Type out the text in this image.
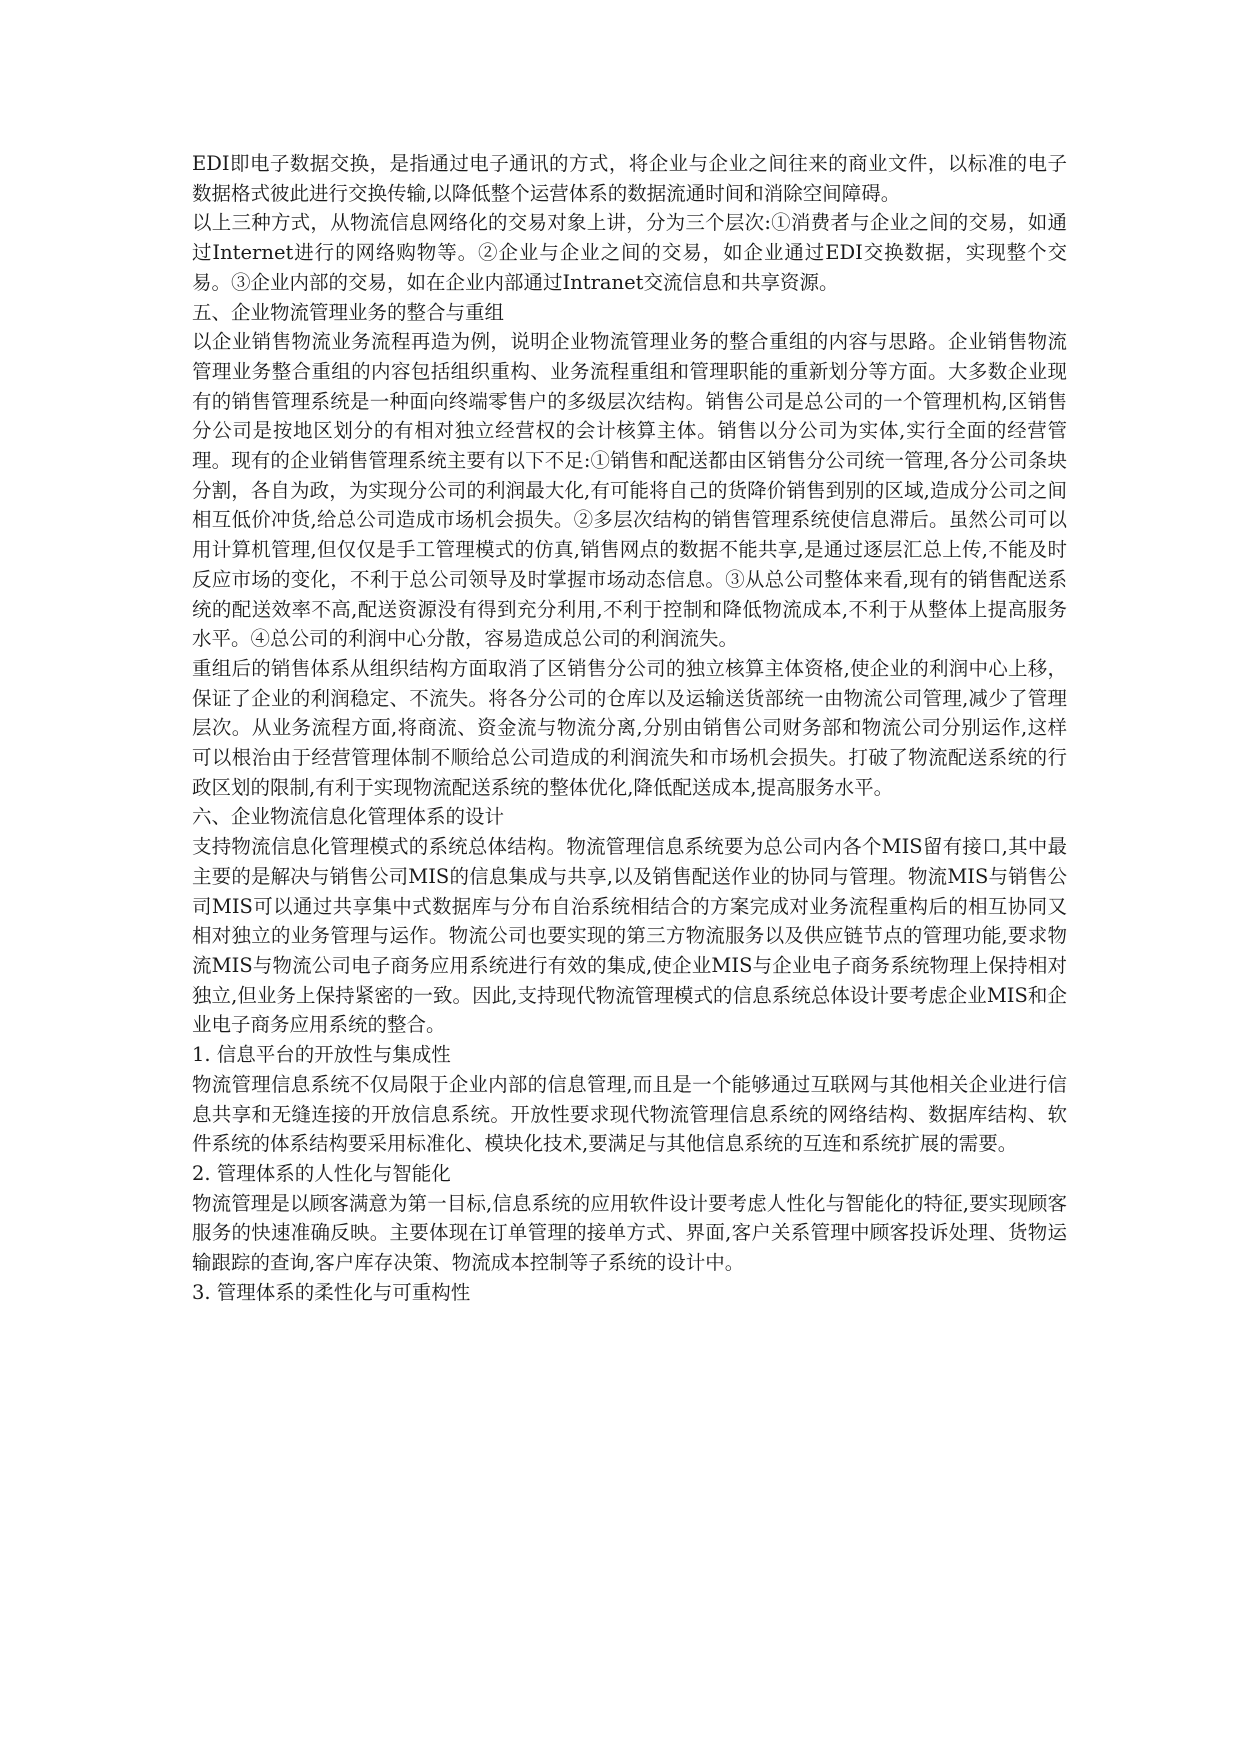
EDI即电子数据交换，是指通过电子通讯的方式，将企业与企业之间往来的商业文件，以标准的电子数据格式彼此进行交换传输,以降低整个运营体系的数据流通时间和消除空间障碍。

以上三种方式，从物流信息网络化的交易对象上讲，分为三个层次:①消费者与企业之间的交易，如通过Internet进行的网络购物等。②企业与企业之间的交易，如企业通过EDI交换数据，实现整个交易。③企业内部的交易，如在企业内部通过Intranet交流信息和共享资源。

五、企业物流管理业务的整合与重组

以企业销售物流业务流程再造为例，说明企业物流管理业务的整合重组的内容与思路。企业销售物流管理业务整合重组的内容包括组织重构、业务流程重组和管理职能的重新划分等方面。大多数企业现有的销售管理系统是一种面向终端零售户的多级层次结构。销售公司是总公司的一个管理机构,区销售分公司是按地区划分的有相对独立经营权的会计核算主体。销售以分公司为实体,实行全面的经营管理。现有的企业销售管理系统主要有以下不足:①销售和配送都由区销售分公司统一管理,各分公司条块分割，各自为政，为实现分公司的利润最大化,有可能将自己的货降价销售到别的区域,造成分公司之间相互低价冲货,给总公司造成市场机会损失。②多层次结构的销售管理系统使信息滞后。虽然公司可以用计算机管理,但仅仅是手工管理模式的仿真,销售网点的数据不能共享,是通过逐层汇总上传,不能及时反应市场的变化，不利于总公司领导及时掌握市场动态信息。③从总公司整体来看,现有的销售配送系统的配送效率不高,配送资源没有得到充分利用,不利于控制和降低物流成本,不利于从整体上提高服务水平。④总公司的利润中心分散，容易造成总公司的利润流失。

重组后的销售体系从组织结构方面取消了区销售分公司的独立核算主体资格,使企业的利润中心上移，保证了企业的利润稳定、不流失。将各分公司的仓库以及运输送货部统一由物流公司管理,减少了管理层次。从业务流程方面,将商流、资金流与物流分离,分别由销售公司财务部和物流公司分别运作,这样可以根治由于经营管理体制不顺给总公司造成的利润流失和市场机会损失。打破了物流配送系统的行政区划的限制,有利于实现物流配送系统的整体优化,降低配送成本,提高服务水平。

六、企业物流信息化管理体系的设计

支持物流信息化管理模式的系统总体结构。物流管理信息系统要为总公司内各个MIS留有接口,其中最主要的是解决与销售公司MIS的信息集成与共享,以及销售配送作业的协同与管理。物流MIS与销售公司MIS可以通过共享集中式数据库与分布自治系统相结合的方案完成对业务流程重构后的相互协同又相对独立的业务管理与运作。物流公司也要实现的第三方物流服务以及供应链节点的管理功能,要求物流MIS与物流公司电子商务应用系统进行有效的集成,使企业MIS与企业电子商务系统物理上保持相对独立,但业务上保持紧密的一致。因此,支持现代物流管理模式的信息系统总体设计要考虑企业MIS和企业电子商务应用系统的整合。

1. 信息平台的开放性与集成性

物流管理信息系统不仅局限于企业内部的信息管理,而且是一个能够通过互联网与其他相关企业进行信息共享和无缝连接的开放信息系统。开放性要求现代物流管理信息系统的网络结构、数据库结构、软件系统的体系结构要采用标准化、模块化技术,要满足与其他信息系统的互连和系统扩展的需要。

2. 管理体系的人性化与智能化

物流管理是以顾客满意为第一目标,信息系统的应用软件设计要考虑人性化与智能化的特征,要实现顾客服务的快速准确反映。主要体现在订单管理的接单方式、界面,客户关系管理中顾客投诉处理、货物运输跟踪的查询,客户库存决策、物流成本控制等子系统的设计中。

3. 管理体系的柔性化与可重构性
